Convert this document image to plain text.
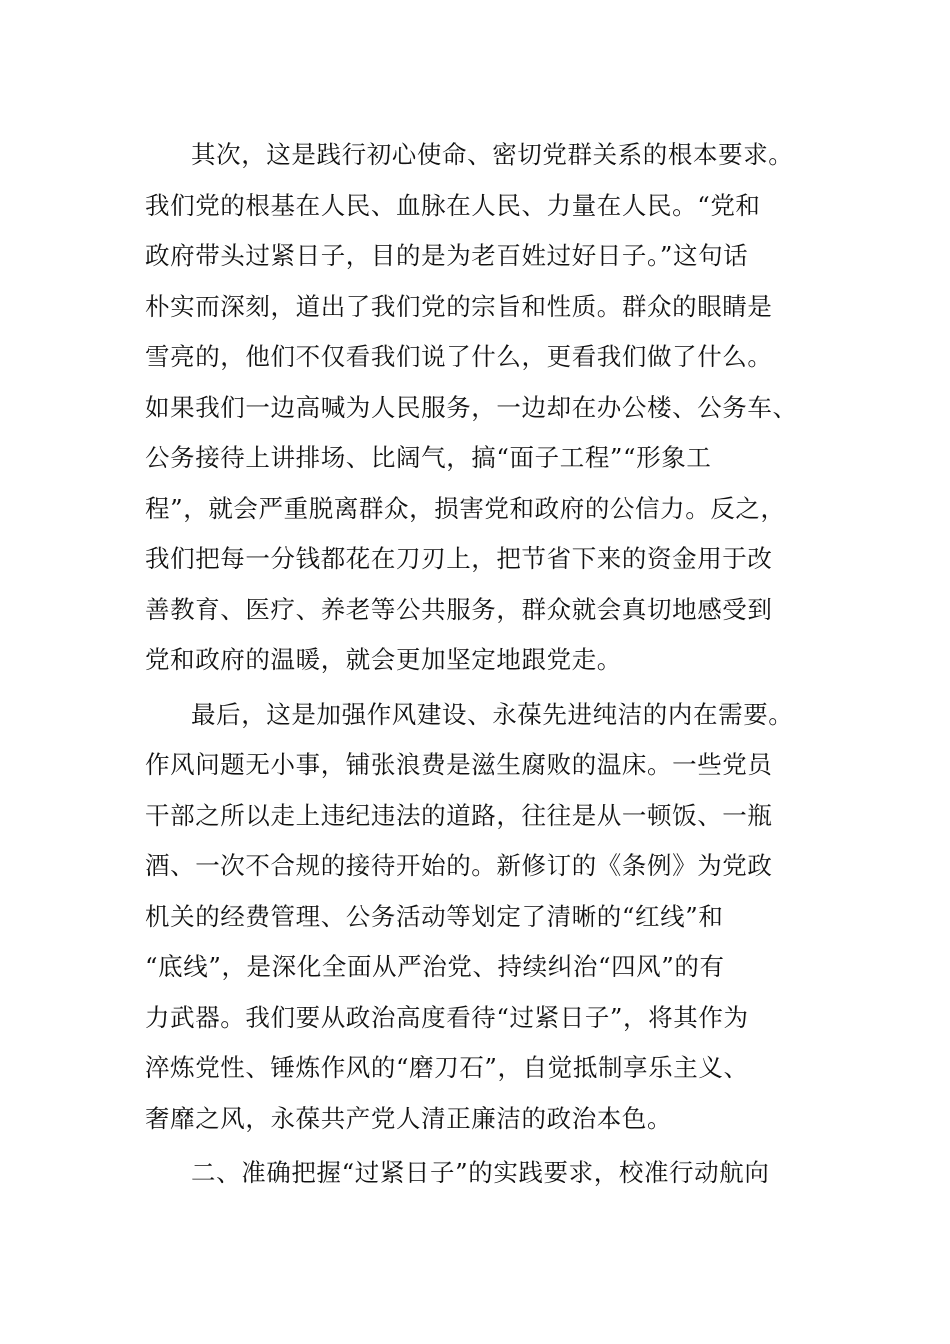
其次，这是践行初心使命、密切党群关系的根本要求。
我们党的根基在人民、血脉在人民、力量在人民。“党和
政府带头过紧日子，目的是为老百姓过好日子。”这句话
朴实而深刻，道出了我们党的宗旨和性质。群众的眼睛是
雪亮的，他们不仅看我们说了什么，更看我们做了什么。
如果我们一边高喊为人民服务，一边却在办公楼、公务车、
公务接待上讲排场、比阔气，搞“面子工程”“形象工
程”，就会严重脱离群众，损害党和政府的公信力。反之，
我们把每一分钱都花在刀刃上，把节省下来的资金用于改
善教育、医疗、养老等公共服务，群众就会真切地感受到
党和政府的温暖，就会更加坚定地跟党走。
最后，这是加强作风建设、永葆先进纯洁的内在需要。
作风问题无小事，铺张浪费是滋生腐败的温床。一些党员
干部之所以走上违纪违法的道路，往往是从一顿饭、一瓶
酒、一次不合规的接待开始的。新修订的《条例》为党政
机关的经费管理、公务活动等划定了清晰的“红线”和
“底线”，是深化全面从严治党、持续纠治“四风”的有
力武器。我们要从政治高度看待“过紧日子”，将其作为
淬炼党性、锤炼作风的“磨刀石”，自觉抵制享乐主义、
奢靡之风，永葆共产党人清正廉洁的政治本色。
二、准确把握“过紧日子”的实践要求，校准行动航向
